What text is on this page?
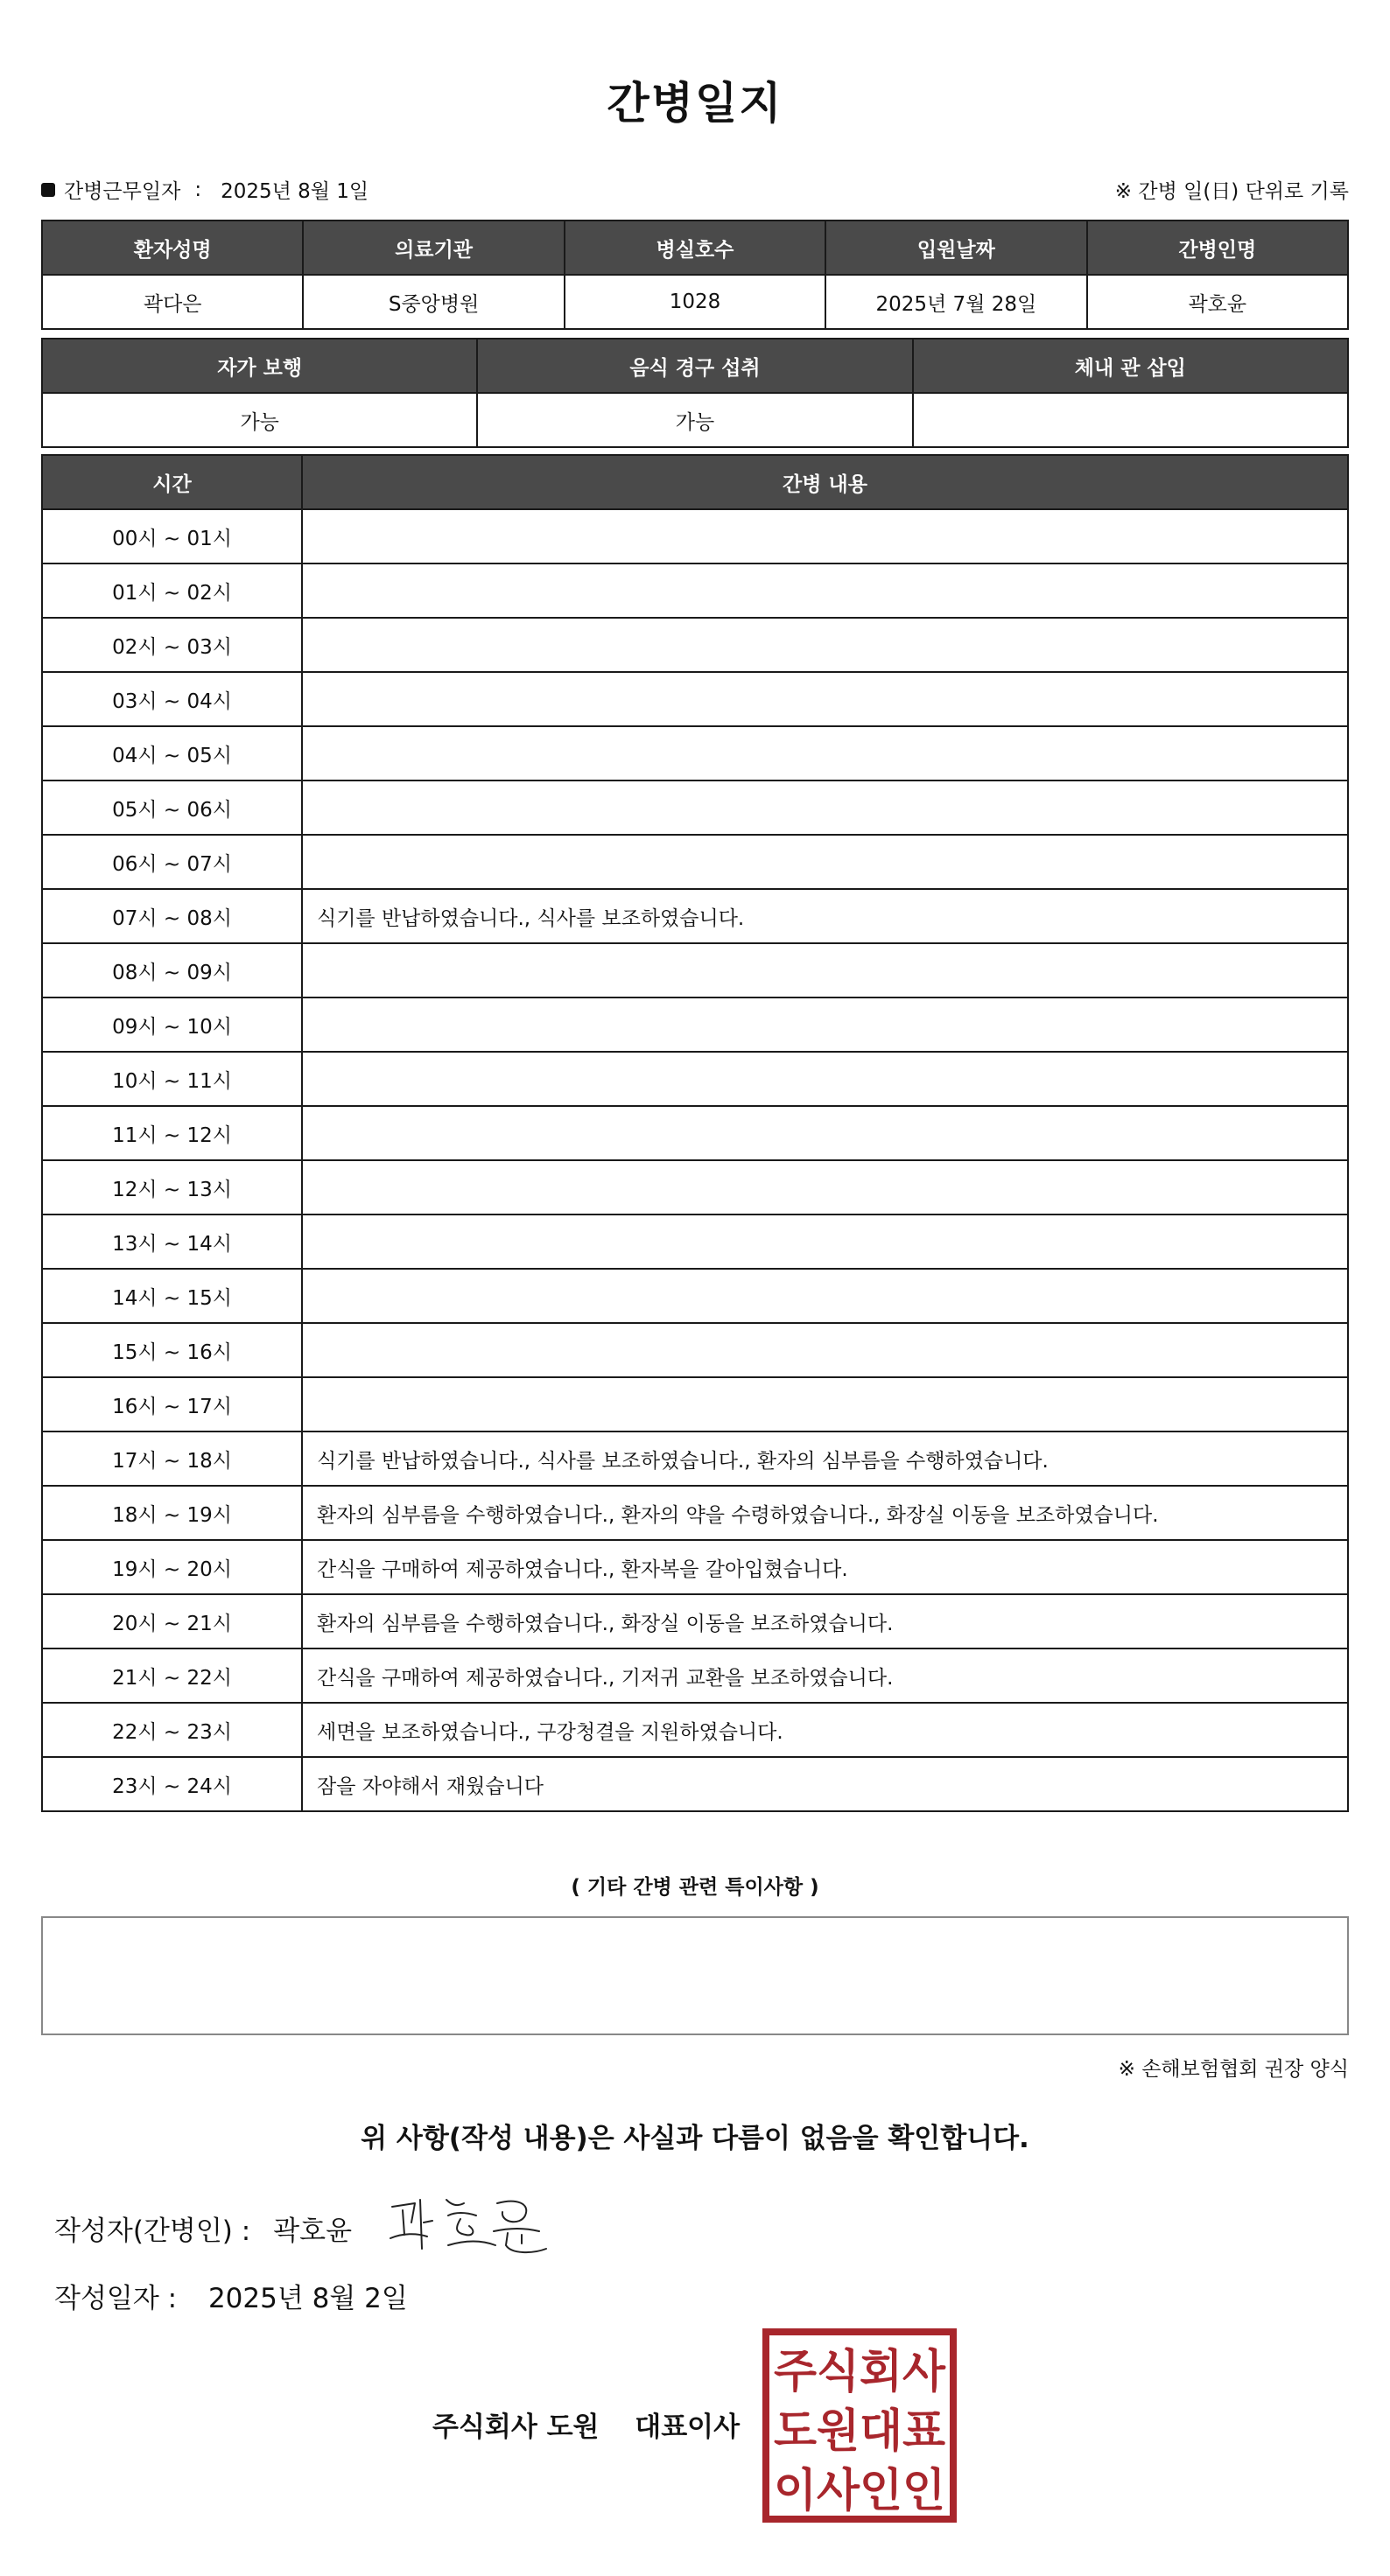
간병일지
간병근무일자 : 2025년 8월 1일	※ 간병 일(日) 단위로 기록
환자성명	의료기관	병실호수	입원날짜	간병인명
곽다은	S중앙병원	1028	2025년 7월 28일	곽호윤
자가 보행	음식 경구 섭취	체내 관 삽입
가능	가능	
시간	간병 내용
00시 ~ 01시	
01시 ~ 02시	
02시 ~ 03시	
03시 ~ 04시	
04시 ~ 05시	
05시 ~ 06시	
06시 ~ 07시	
07시 ~ 08시	식기를 반납하였습니다., 식사를 보조하였습니다.
08시 ~ 09시	
09시 ~ 10시	
10시 ~ 11시	
11시 ~ 12시	
12시 ~ 13시	
13시 ~ 14시	
14시 ~ 15시	
15시 ~ 16시	
16시 ~ 17시	
17시 ~ 18시	식기를 반납하였습니다., 식사를 보조하였습니다., 환자의 심부름을 수행하였습니다.
18시 ~ 19시	환자의 심부름을 수행하였습니다., 환자의 약을 수령하였습니다., 화장실 이동을 보조하였습니다.
19시 ~ 20시	간식을 구매하여 제공하였습니다., 환자복을 갈아입혔습니다.
20시 ~ 21시	환자의 심부름을 수행하였습니다., 화장실 이동을 보조하였습니다.
21시 ~ 22시	간식을 구매하여 제공하였습니다., 기저귀 교환을 보조하였습니다.
22시 ~ 23시	세면을 보조하였습니다., 구강청결을 지원하였습니다.
23시 ~ 24시	잠을 자야해서 재웠습니다
( 기타 간병 관련 특이사항 )
※ 손해보험협회 권장 양식
위 사항(작성 내용)은 사실과 다름이 없음을 확인합니다.
작성자(간병인) : 곽호윤
작성일자 : 2025년 8월 2일
주식회사 도원 대표이사
주식회사
도원대표
이사인인
